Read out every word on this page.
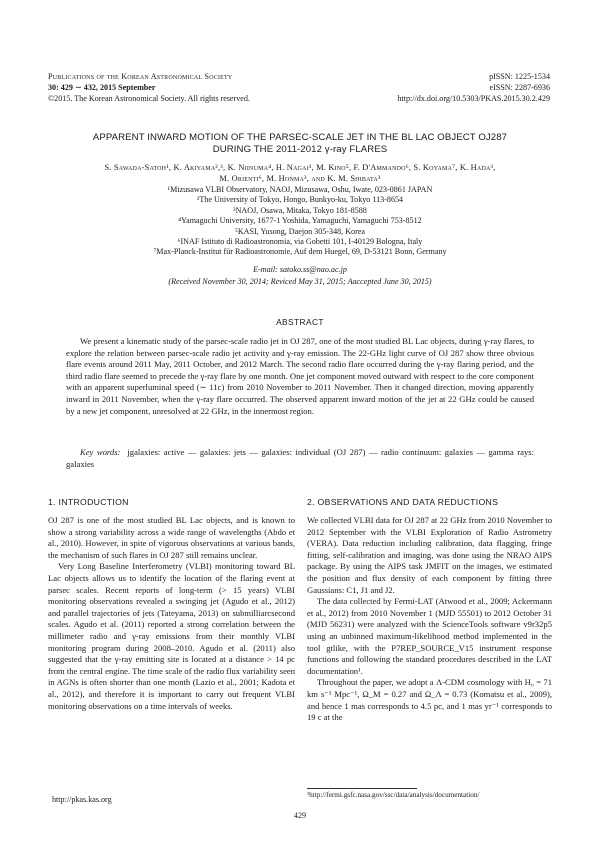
Publications of the Korean Astronomical Society
30: 429 ∼ 432, 2015 September
©2015. The Korean Astronomical Society. All rights reserved.
pISSN: 1225-1534
eISSN: 2287-6936
http://dx.doi.org/10.5303/PKAS.2015.30.2.429
APPARENT INWARD MOTION OF THE PARSEC-SCALE JET IN THE BL LAC OBJECT OJ287
DURING THE 2011-2012 γ-ray FLARES
S. Sawada-Satoh¹, K. Akiyama²,³, K. Niinuma⁴, H. Nagai³, M. Kino⁵, F. D'Ammando⁶, S. Koyama⁷, K. Hada³,
M. Orienti⁶, M. Honma³, and K. M. Shibata³
¹Mizusawa VLBI Observatory, NAOJ, Mizusawa, Oshu, Iwate, 023-0861 JAPAN
²The University of Tokyo, Hongo, Bunkyo-ku, Tokyo 113-8654
³NAOJ, Osawa, Mitaka, Tokyo 181-8588
⁴Yamaguchi University, 1677-1 Yoshida, Yamaguchi, Yamaguchi 753-8512
⁵KASI, Yusong, Daejon 305-348, Korea
⁶INAF Istituto di Radioastronomia, via Gobetti 101, I-40129 Bologna, Italy
⁷Max-Planck-Institut für Radioastronomie, Auf dem Huegel, 69, D-53121 Bonn, Germany
E-mail: satoko.ss@nao.ac.jp
(Received November 30, 2014; Reviced May 31, 2015; Aaccepted June 30, 2015)
ABSTRACT
We present a kinematic study of the parsec-scale radio jet in OJ 287, one of the most studied BL Lac objects, during γ-ray flares, to explore the relation between parsec-scale radio jet activity and γ-ray emission. The 22-GHz light curve of OJ 287 show three obvious flare events around 2011 May, 2011 October, and 2012 March. The second radio flare occurred during the γ-ray flaring period, and the third radio flare seemed to precede the γ-ray flare by one month. One jet component moved outward with respect to the core component with an apparent superluminal speed (∼ 11c) from 2010 November to 2011 November. Then it changed direction, moving apparently inward in 2011 November, when the γ-ray flare occurred. The observed apparent inward motion of the jet at 22 GHz could be caused by a new jet component, unresolved at 22 GHz, in the innermost region.
Key words: jgalaxies: active — galaxies: jets — galaxies: individual (OJ 287) — radio continuum: galaxies — gamma rays: galaxies
1. INTRODUCTION

OJ 287 is one of the most studied BL Lac objects, and is known to show a strong variability across a wide range of wavelengths (Abdo et al., 2010). However, in spite of vigorous observations at various bands, the mechanism of such flares in OJ 287 still remains unclear.

Very Long Baseline Interferometry (VLBI) monitoring toward BL Lac objects allows us to identify the location of the flaring event at parsec scales. Recent reports of long-term (> 15 years) VLBI monitoring observations revealed a swinging jet (Agudo et al., 2012) and parallel trajectories of jets (Tateyama, 2013) on submilliarcsecond scales. Agudo et al. (2011) reported a strong correlation between the millimeter radio and γ-ray emissions from their monthly VLBI monitoring program during 2008–2010. Agudo et al. (2011) also suggested that the γ-ray emitting site is located at a distance > 14 pc from the central engine. The time scale of the radio flux variability seen in AGNs is often shorter than one month (Lazio et al., 2001; Kadota et al., 2012), and therefore it is important to carry out frequent VLBI monitoring observations on a time intervals of weeks.

2. OBSERVATIONS AND DATA REDUCTIONS

We collected VLBI data for OJ 287 at 22 GHz from 2010 November to 2012 September with the VLBI Exploration of Radio Astrometry (VERA). Data reduction including calibration, data flagging, fringe fitting, self-calibration and imaging, was done using the NRAO AIPS package. By using the AIPS task JMFIT on the images, we estimated the position and flux density of each component by fitting three Gaussians: C1, J1 and J2.

The data collected by Fermi-LAT (Atwood et al., 2009; Ackermann et al., 2012) from 2010 November 1 (MJD 55501) to 2012 October 31 (MJD 56231) were analyzed with the ScienceTools software v9r32p5 using an unbinned maximum-likelihood method implemented in the tool gtlike, with the P7REP_SOURCE_V15 instrument response functions and following the standard procedures described in the LAT documentation¹.

Throughout the paper, we adopt a Λ-CDM cosmology with H₀ = 71 km s⁻¹ Mpc⁻¹, Ω_M = 0.27 and Ω_Λ = 0.73 (Komatsu et al., 2009), and hence 1 mas corresponds to 4.5 pc, and 1 mas yr⁻¹ corresponds to 19 c at the

http://pkas.kas.org	¹http://fermi.gsfc.nasa.gov/ssc/data/analysis/documentation/
429
